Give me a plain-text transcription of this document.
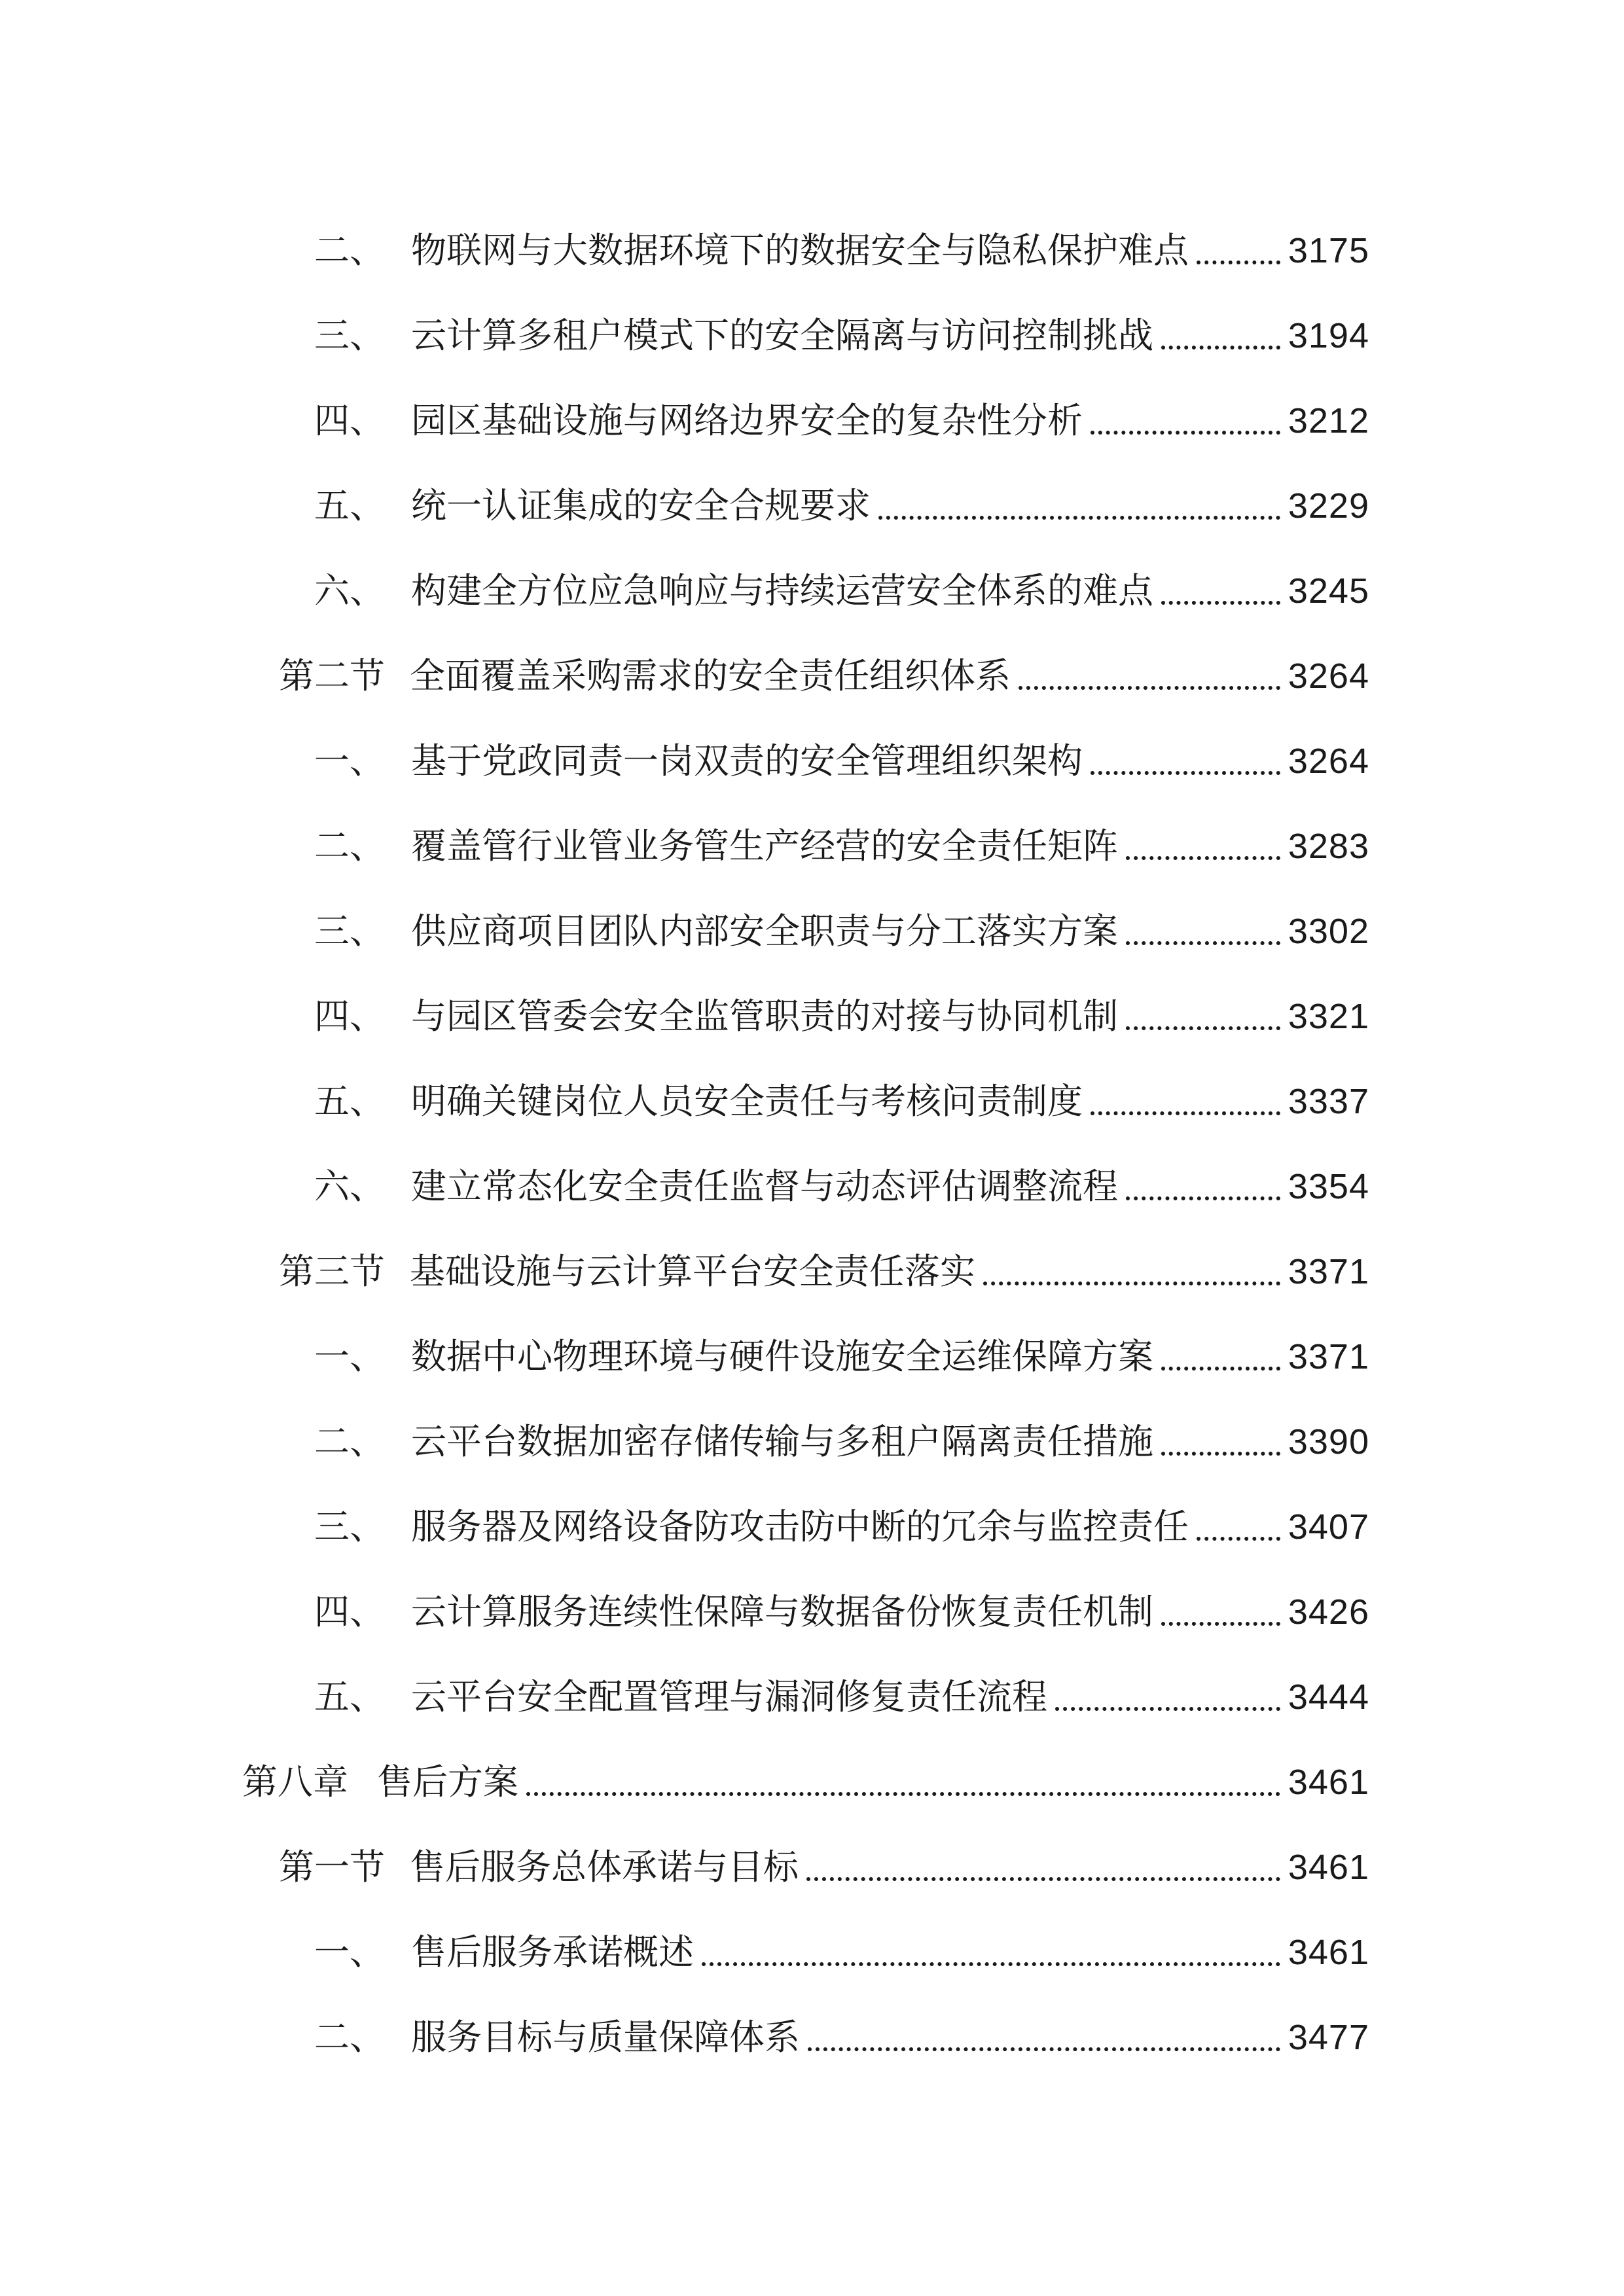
二、 物联网与大数据环境下的数据安全与隐私保护难点	3175
三、 云计算多租户模式下的安全隔离与访问控制挑战	3194
四、 园区基础设施与网络边界安全的复杂性分析	3212
五、 统一认证集成的安全合规要求	3229
六、 构建全方位应急响应与持续运营安全体系的难点	3245
第二节 全面覆盖采购需求的安全责任组织体系	3264
一、 基于党政同责一岗双责的安全管理组织架构	3264
二、 覆盖管行业管业务管生产经营的安全责任矩阵	3283
三、 供应商项目团队内部安全职责与分工落实方案	3302
四、 与园区管委会安全监管职责的对接与协同机制	3321
五、 明确关键岗位人员安全责任与考核问责制度	3337
六、 建立常态化安全责任监督与动态评估调整流程	3354
第三节 基础设施与云计算平台安全责任落实	3371
一、 数据中心物理环境与硬件设施安全运维保障方案	3371
二、 云平台数据加密存储传输与多租户隔离责任措施	3390
三、 服务器及网络设备防攻击防中断的冗余与监控责任	3407
四、 云计算服务连续性保障与数据备份恢复责任机制	3426
五、 云平台安全配置管理与漏洞修复责任流程	3444
第八章 售后方案	3461
第一节 售后服务总体承诺与目标	3461
一、 售后服务承诺概述	3461
二、 服务目标与质量保障体系	3477
